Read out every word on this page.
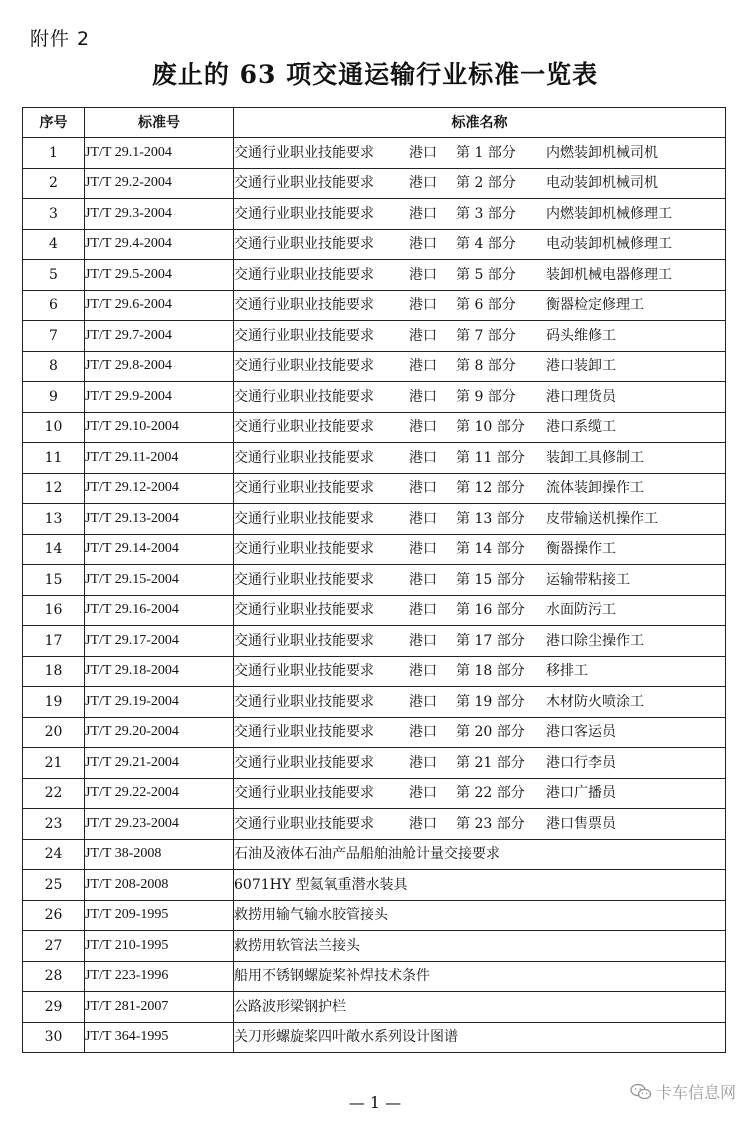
附件 2
废止的 63 项交通运输行业标准一览表
序号	标准号	标准名称
1	JT/T 29.1-2004	交通行业职业技能要求 港口 第 1 部分 内燃装卸机械司机
2	JT/T 29.2-2004	交通行业职业技能要求 港口 第 2 部分 电动装卸机械司机
3	JT/T 29.3-2004	交通行业职业技能要求 港口 第 3 部分 内燃装卸机械修理工
4	JT/T 29.4-2004	交通行业职业技能要求 港口 第 4 部分 电动装卸机械修理工
5	JT/T 29.5-2004	交通行业职业技能要求 港口 第 5 部分 装卸机械电器修理工
6	JT/T 29.6-2004	交通行业职业技能要求 港口 第 6 部分 衡器检定修理工
7	JT/T 29.7-2004	交通行业职业技能要求 港口 第 7 部分 码头维修工
8	JT/T 29.8-2004	交通行业职业技能要求 港口 第 8 部分 港口装卸工
9	JT/T 29.9-2004	交通行业职业技能要求 港口 第 9 部分 港口理货员
10	JT/T 29.10-2004	交通行业职业技能要求 港口 第 10 部分 港口系缆工
11	JT/T 29.11-2004	交通行业职业技能要求 港口 第 11 部分 装卸工具修制工
12	JT/T 29.12-2004	交通行业职业技能要求 港口 第 12 部分 流体装卸操作工
13	JT/T 29.13-2004	交通行业职业技能要求 港口 第 13 部分 皮带输送机操作工
14	JT/T 29.14-2004	交通行业职业技能要求 港口 第 14 部分 衡器操作工
15	JT/T 29.15-2004	交通行业职业技能要求 港口 第 15 部分 运输带粘接工
16	JT/T 29.16-2004	交通行业职业技能要求 港口 第 16 部分 水面防污工
17	JT/T 29.17-2004	交通行业职业技能要求 港口 第 17 部分 港口除尘操作工
18	JT/T 29.18-2004	交通行业职业技能要求 港口 第 18 部分 移排工
19	JT/T 29.19-2004	交通行业职业技能要求 港口 第 19 部分 木材防火喷涂工
20	JT/T 29.20-2004	交通行业职业技能要求 港口 第 20 部分 港口客运员
21	JT/T 29.21-2004	交通行业职业技能要求 港口 第 21 部分 港口行李员
22	JT/T 29.22-2004	交通行业职业技能要求 港口 第 22 部分 港口广播员
23	JT/T 29.23-2004	交通行业职业技能要求 港口 第 23 部分 港口售票员
24	JT/T 38-2008	石油及液体石油产品船舶油舱计量交接要求
25	JT/T 208-2008	6071HY 型氦氧重潜水装具
26	JT/T 209-1995	救捞用输气输水胶管接头
27	JT/T 210-1995	救捞用软管法兰接头
28	JT/T 223-1996	船用不锈钢螺旋桨补焊技术条件
29	JT/T 281-2007	公路波形梁钢护栏
30	JT/T 364-1995	关刀形螺旋桨四叶敞水系列设计图谱
— 1 —
卡车信息网
